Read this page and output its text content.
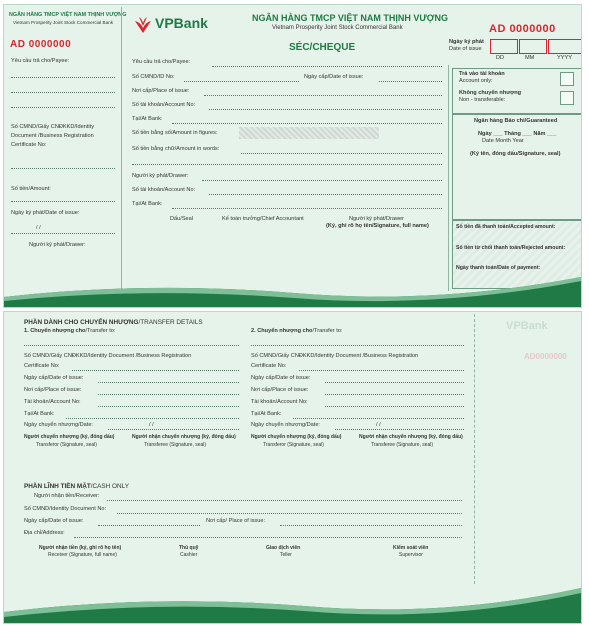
NGÂN HÀNG TMCP VIỆT NAM THỊNH VƯỢNG
Vietnam Prosperity Joint Stock Commercial Bank
AD 0000000
Yêu cầu trả cho/Payee:
Số CMND/Giấy CNĐKKD/Identity Document /Business Registration Certificate No:
Số tiền/Amount:
Ngày ký phát/Date of issue:
/ /
Người ký phát/Drawer:
VPBank	NGÂN HÀNG TMCP VIỆT NAM THỊNH VƯỢNG
Vietnam Prosperity Joint Stock Commercial Bank	AD 0000000
SÉC/CHEQUE	Ngày ký phát
Date of issue
DD	MM	YYYY
Yêu cầu trả cho/Payee:
Số CMND/ID No:	Ngày cấp/Date of issue:
Nơi cấp/Place of issue:
Số tài khoản/Account No:
Tại/At Bank:
Số tiền bằng số/Amount in figures:
Số tiền bằng chữ/Amount in words:
Người ký phát/Drawer:
Số tài khoản/Account No:
Tại/At Bank:
Dấu/Seal	Kế toán trưởng/Chief Accountant	Người ký phát/Drawer
(Ký, ghi rõ họ tên/Signature, full name)
Trả vào tài khoản
Account only:
Không chuyển nhượng
Non - transferable:
Ngân hàng Bảo chi/Guaranteed
Ngày ___ Tháng ___ Năm ___
Date Month Year
(Ký tên, đóng dấu/Signature, seal)
Số tiền đã thanh toán/Accepted amount:
Số tiền từ chối thanh toán/Rejected amount:
Ngày thanh toán/Date of payment:
PHẦN DÀNH CHO CHUYỂN NHƯỢNG/TRANSFER DETAILS
1. Chuyển nhượng cho/Transfer to:
Số CMND/Giấy CNĐKKD/Identity Document /Business Registration
Certificate No:
Ngày cấp/Date of issue:
Nơi cấp/Place of issue:
Tài khoản/Account No:
Tại/At Bank:
Ngày chuyển nhượng/Date:	/ /
Người chuyển nhượng (ký, đóng dấu)
Transferor (Signature, seal)
Người nhận chuyển nhượng (ký, đóng dấu)
Transferee (Signature, seal)
2. Chuyển nhượng cho/Transfer to:
Số CMND/Giấy CNĐKKD/Identity Document /Business Registration
Certificate No:
Ngày cấp/Date of issue:
Nơi cấp/Place of issue:
Tài khoản/Account No:
Tại/At Bank:
Ngày chuyển nhượng/Date:	/ /
Người chuyển nhượng (ký, đóng dấu)
Transferor (Signature, seal)
Người nhận chuyển nhượng (ký, đóng dấu)
Transferee (Signature, seal)
VPBank
AD0000000
PHẦN LĨNH TIỀN MẶT/CASH ONLY
Người nhận tiền/Receiver:
Số CMND/Identity Document No:
Ngày cấp/Date of issue:	Nơi cấp/ Place of issue:
Địa chỉ/Address:
Người nhận tiền (ký, ghi rõ họ tên)
Receiver (Signature, full name)
Thủ quỹ
Cashier
Giao dịch viên
Teller
Kiểm soát viên
Supervisor
